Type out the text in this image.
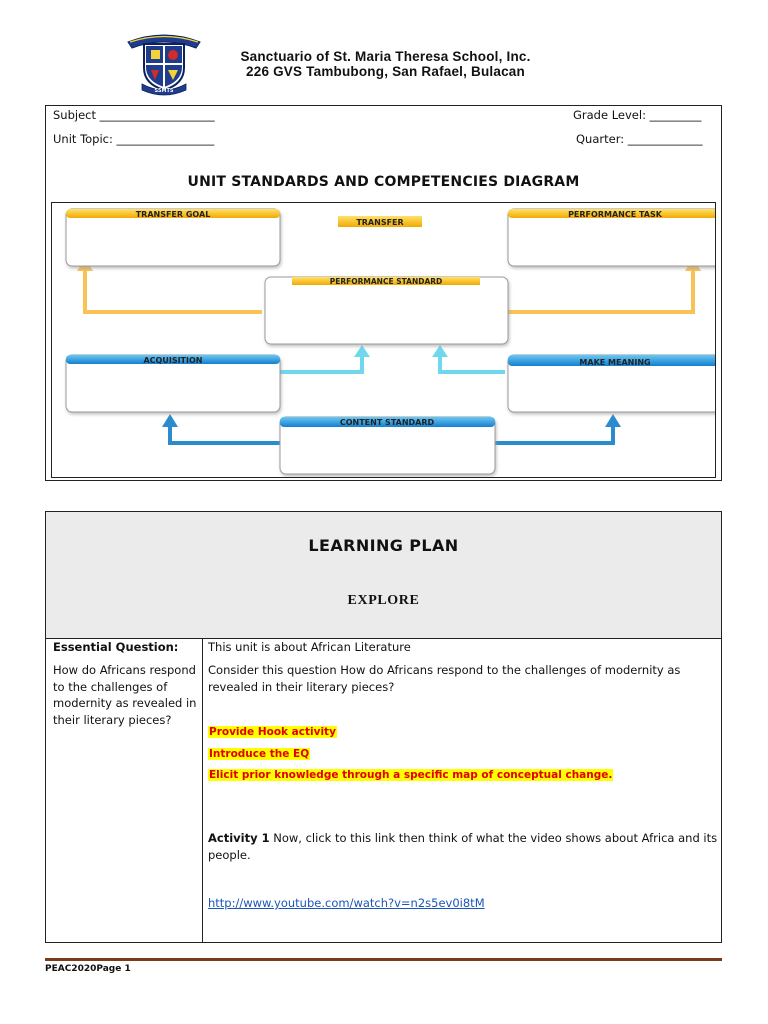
SSMTS
Sanctuario of St. Maria Theresa School, Inc.
226 GVS Tambubong, San Rafael, Bulacan
Subject ____________________	Grade Level: _________
Unit Topic: _________________	Quarter: _____________
UNIT STANDARDS AND COMPETENCIES DIAGRAM
TRANSFER GOAL
TRANSFER
PERFORMANCE TASK
PERFORMANCE STANDARD
ACQUISITION	MAKE MEANING
CONTENT STANDARD
LEARNING PLAN
EXPLORE
Essential Question:
How do Africans respond to the challenges of modernity as revealed in their literary pieces?
This unit is about African Literature
Consider this question How do Africans respond to the challenges of modernity as revealed in their literary pieces?
Provide Hook activity
Introduce the EQ
Elicit prior knowledge through a specific map of conceptual change.
Activity 1 Now, click to this link then think of what the video shows about Africa and its people.
http://www.youtube.com/watch?v=n2s5ev0i8tM
PEAC2020Page 1
